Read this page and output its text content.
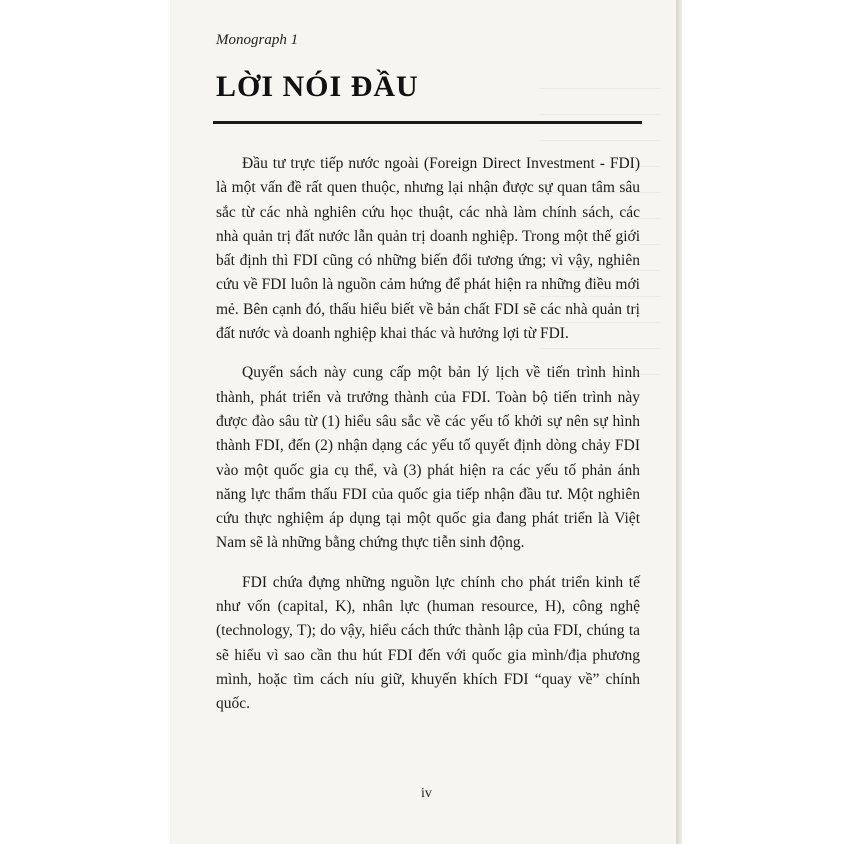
Monograph 1
LỜI NÓI ĐẦU

Đầu tư trực tiếp nước ngoài (Foreign Direct Investment - FDI) là một vấn đề rất quen thuộc, nhưng lại nhận được sự quan tâm sâu sắc từ các nhà nghiên cứu học thuật, các nhà làm chính sách, các nhà quản trị đất nước lẫn quản trị doanh nghiệp. Trong một thế giới bất định thì FDI cũng có những biến đổi tương ứng; vì vậy, nghiên cứu về FDI luôn là nguồn cảm hứng để phát hiện ra những điều mới mẻ. Bên cạnh đó, thấu hiểu biết về bản chất FDI sẽ các nhà quản trị đất nước và doanh nghiệp khai thác và hưởng lợi từ FDI.

Quyển sách này cung cấp một bản lý lịch về tiến trình hình thành, phát triển và trưởng thành của FDI. Toàn bộ tiến trình này được đào sâu từ (1) hiểu sâu sắc về các yếu tố khởi sự nên sự hình thành FDI, đến (2) nhận dạng các yếu tố quyết định dòng chảy FDI vào một quốc gia cụ thể, và (3) phát hiện ra các yếu tố phản ánh năng lực thẩm thấu FDI của quốc gia tiếp nhận đầu tư. Một nghiên cứu thực nghiệm áp dụng tại một quốc gia đang phát triển là Việt Nam sẽ là những bằng chứng thực tiễn sinh động.

FDI chứa đựng những nguồn lực chính cho phát triển kinh tế như vốn (capital, K), nhân lực (human resource, H), công nghệ (technology, T); do vậy, hiểu cách thức thành lập của FDI, chúng ta sẽ hiểu vì sao cần thu hút FDI đến với quốc gia mình/địa phương mình, hoặc tìm cách níu giữ, khuyến khích FDI “quay về” chính quốc.

iv
